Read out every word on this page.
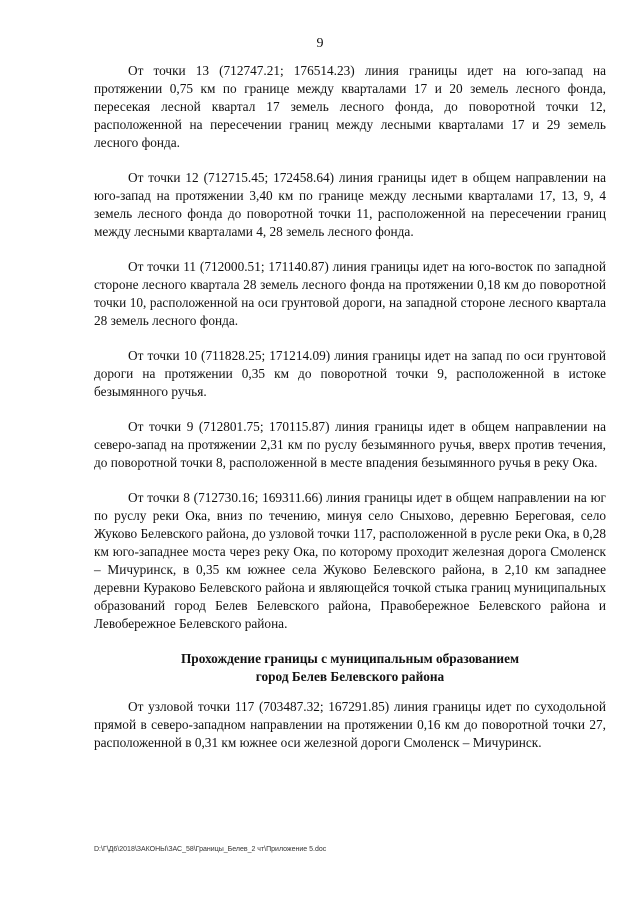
9

От точки 13 (712747.21; 176514.23) линия границы идет на юго-запад на протяжении 0,75 км по границе между кварталами 17 и 20 земель лесного фонда, пересекая лесной квартал 17 земель лесного фонда, до поворотной точки 12, расположенной на пересечении границ между лесными кварталами 17 и 29 земель лесного фонда.

От точки 12 (712715.45; 172458.64) линия границы идет в общем направлении на юго-запад на протяжении 3,40 км по границе между лесными кварталами 17, 13, 9, 4 земель лесного фонда до поворотной точки 11, расположенной на пересечении границ между лесными кварталами 4, 28 земель лесного фонда.

От точки 11 (712000.51; 171140.87) линия границы идет на юго-восток по западной стороне лесного квартала 28 земель лесного фонда на протяжении 0,18 км до поворотной точки 10, расположенной на оси грунтовой дороги, на западной стороне лесного квартала 28 земель лесного фонда.

От точки 10 (711828.25; 171214.09) линия границы идет на запад по оси грунтовой дороги на протяжении 0,35 км до поворотной точки 9, расположенной в истоке безымянного ручья.

От точки 9 (712801.75; 170115.87) линия границы идет в общем направлении на северо-запад на протяжении 2,31 км по руслу безымянного ручья, вверх против течения, до поворотной точки 8, расположенной в месте впадения безымянного ручья в реку Ока.

От точки 8 (712730.16; 169311.66) линия границы идет в общем направлении на юг по руслу реки Ока, вниз по течению, минуя село Сныхово, деревню Береговая, село Жуково Белевского района, до узловой точки 117, расположенной в русле реки Ока, в 0,28 км юго-западнее моста через реку Ока, по которому проходит железная дорога Смоленск – Мичуринск, в 0,35 км южнее села Жуково Белевского района, в 2,10 км западнее деревни Кураково Белевского района и являющейся точкой стыка границ муниципальных образований город Белев Белевского района, Правобережное Белевского района и Левобережное Белевского района.

Прохождение границы с муниципальным образованием
город Белев Белевского района

От узловой точки 117 (703487.32; 167291.85) линия границы идет по суходольной прямой в северо-западном направлении на протяжении 0,16 км до поворотной точки 27, расположенной в 0,31 км южнее оси железной дороги Смоленск – Мичуринск.

D:\Г\Д6\2018\ЗАКОНЫ\ЗАС_58\Границы_Белев_2 чт\Приложение 5.doc
